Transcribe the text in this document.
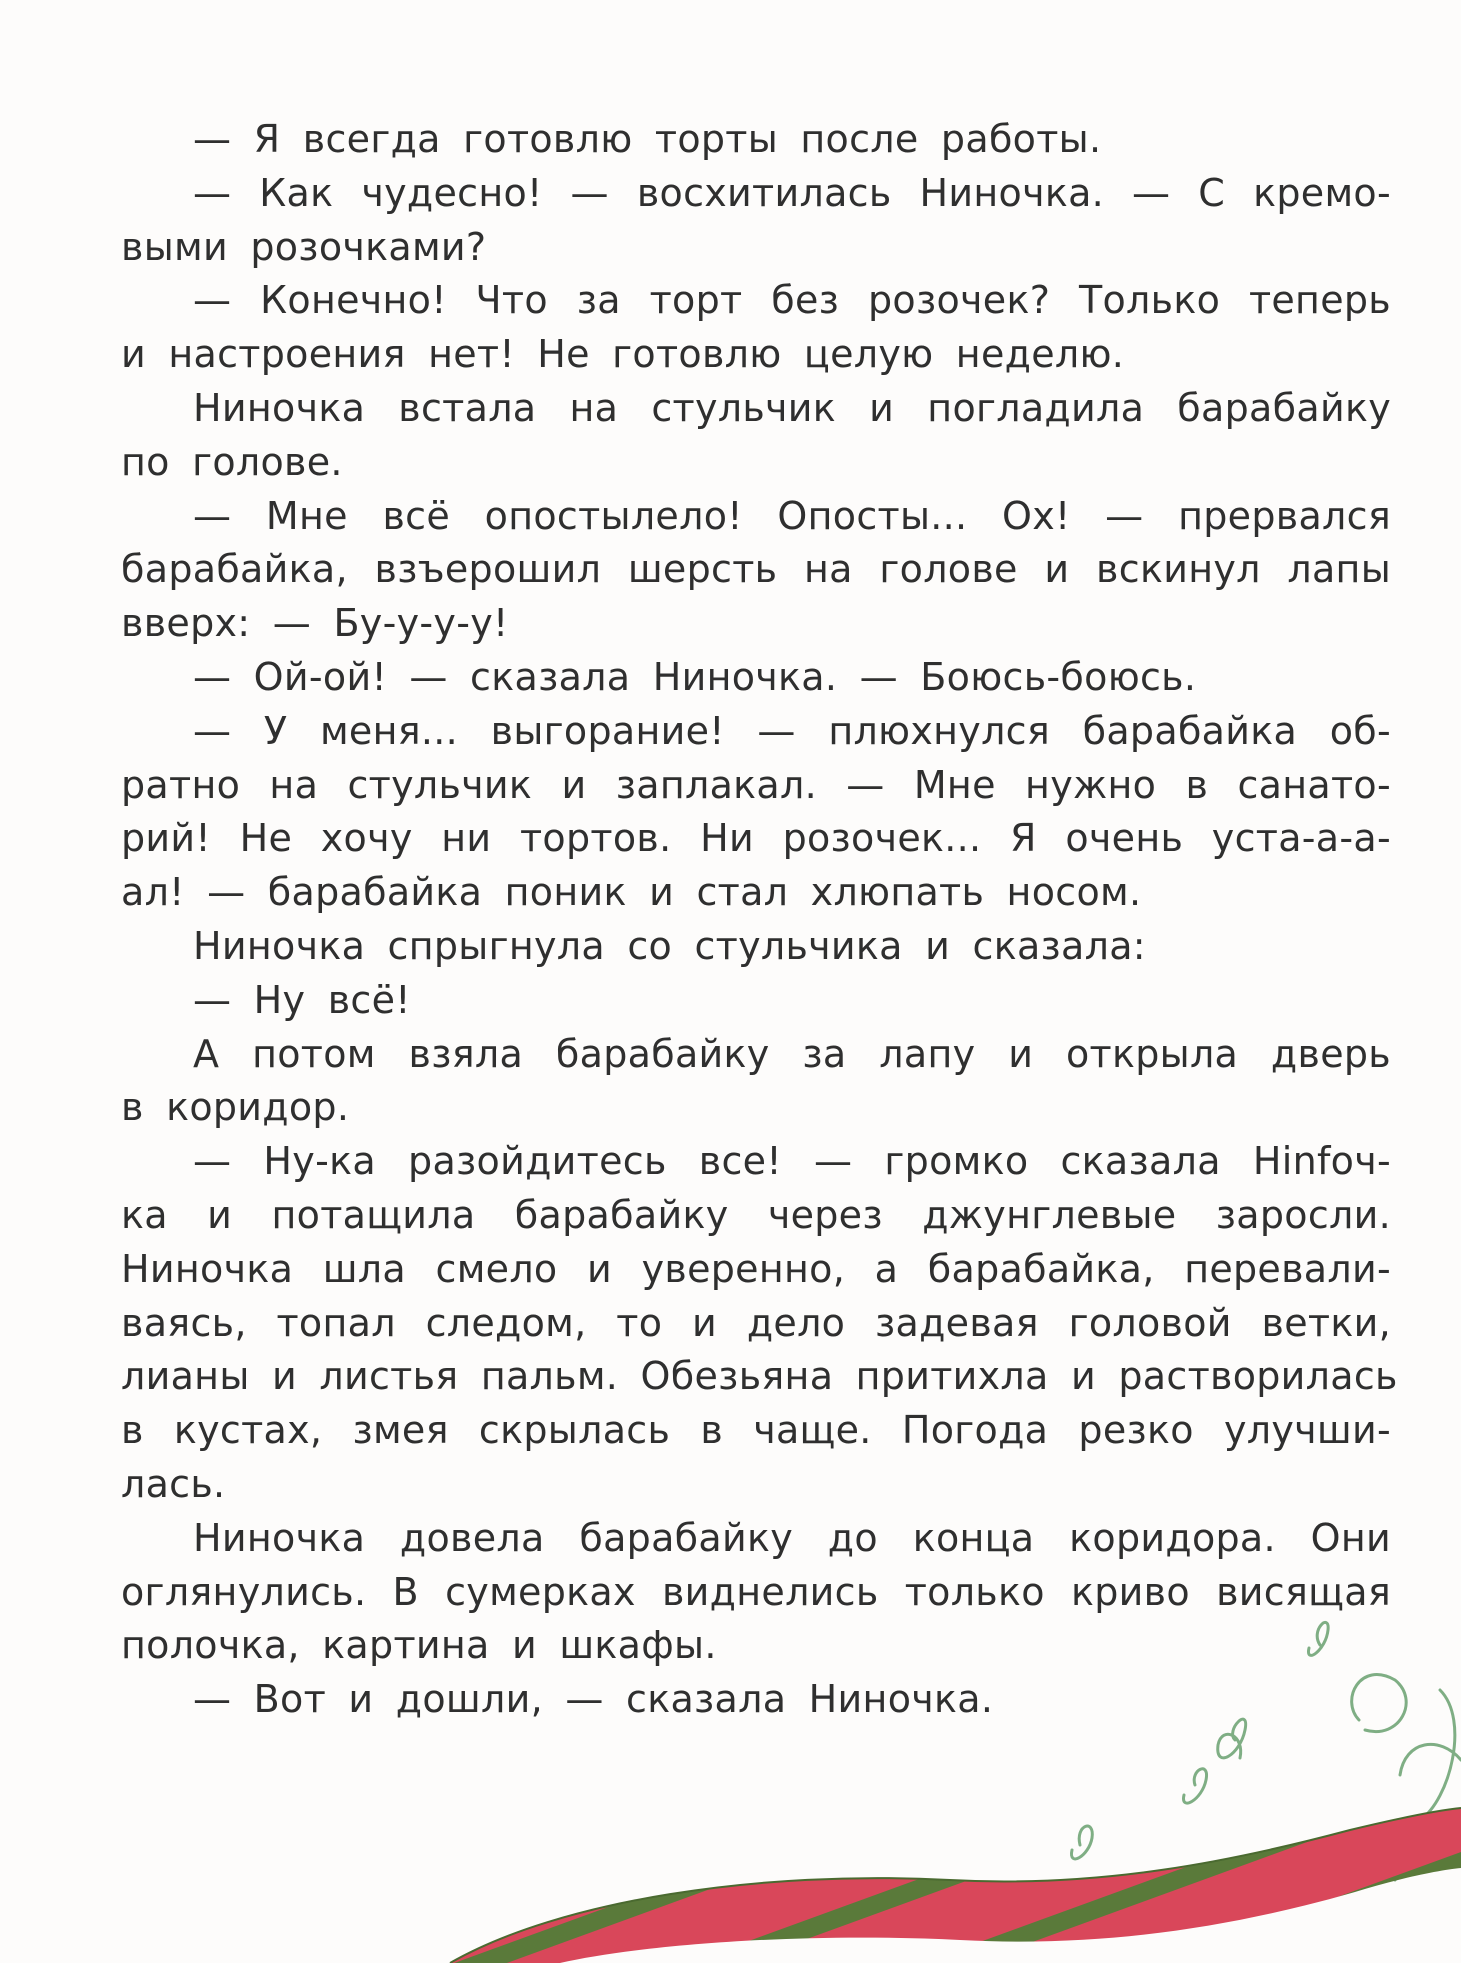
— Я всегда готовлю торты после работы.
— Как чудесно! — восхитилась Ниночка. — С кремо-
выми розочками?
— Конечно! Что за торт без розочек? Только теперь
и настроения нет! Не готовлю целую неделю.
Ниночка встала на стульчик и погладила барабайку
по голове.
— Мне всё опостылело! Опосты... Ох! — прервался
барабайка, взъерошил шерсть на голове и вскинул лапы
вверх: — Бу-у-у-у!
— Ой-ой! — сказала Ниночка. — Боюсь-боюсь.
— У меня... выгорание! — плюхнулся барабайка об-
ратно на стульчик и заплакал. — Мне нужно в санато-
рий! Не хочу ни тортов. Ни розочек... Я очень уста-а-а-
ал! — барабайка поник и стал хлюпать носом.
Ниночка спрыгнула со стульчика и сказала:
— Ну всё!
А потом взяла барабайку за лапу и открыла дверь
в коридор.
— Ну-ка разойдитесь все! — громко сказала Нinfoч-
ка и потащила барабайку через джунглевые заросли.
Ниночка шла смело и уверенно, а барабайка, перевали-
ваясь, топал следом, то и дело задевая головой ветки,
лианы и листья пальм. Обезьяна притихла и растворилась
в кустах, змея скрылась в чаще. Погода резко улучши-
лась.
Ниночка довела барабайку до конца коридора. Они
оглянулись. В сумерках виднелись только криво висящая
полочка, картина и шкафы.
— Вот и дошли, — сказала Ниночка.
